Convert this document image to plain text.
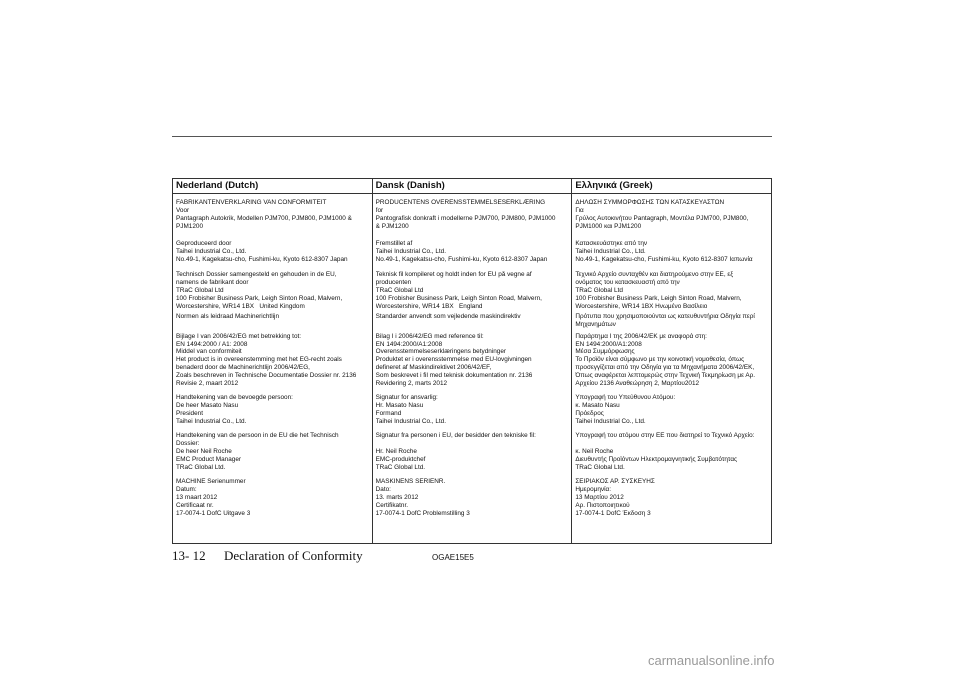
Nederland (Dutch)
FABRIKANTENVERKLARING VAN CONFORMITEIT
Voor
Pantagraph Autokrik, Modellen PJM700, PJM800, PJM1000 &
PJM1200
Geproduceerd door
Taihei Industrial Co., Ltd.
No.49-1, Kagekatsu-cho, Fushimi-ku, Kyoto 612-8307 Japan
Technisch Dossier samengesteld en gehouden in de EU,
namens de fabrikant door
TRaC Global Ltd
100 Frobisher Business Park, Leigh Sinton Road, Malvern,
Worcestershire, WR14 1BX   United Kingdom
Normen als leidraad Machinerichtlijn
Bijlage I van 2006/42/EG met betrekking tot:
EN 1494:2000 / A1: 2008
Middel van conformiteit
Het product is in overeenstemming met het EG-recht zoals
benaderd door de Machinerichtlijn 2006/42/EG,
Zoals beschreven in Technische Documentatie Dossier nr. 2136
Revisie 2, maart 2012
Handtekening van de bevoegde persoon:
De heer Masato Nasu
President
Taihei Industrial Co., Ltd.
Handtekening van de persoon in de EU die het Technisch
Dossier:
De heer Neil Roche
EMC Product Manager
TRaC Global Ltd.
MACHINE Serienummer
Datum:
13 maart 2012
Certificaat nr.
17-0074-1 DofC Uitgave 3
Dansk (Danish)
PRODUCENTENS OVERENSSTEMMELSESERKLÆRING
for
Pantografisk donkraft i modellerne PJM700, PJM800, PJM1000
& PJM1200
Fremstillet af
Taihei Industrial Co., Ltd.
No.49-1, Kagekatsu-cho, Fushimi-ku, Kyoto 612-8307 Japan
Teknisk fil kompileret og holdt inden for EU på vegne af
producenten
TRaC Global Ltd
100 Frobisher Business Park, Leigh Sinton Road, Malvern,
Worcestershire, WR14 1BX   England
Standarder anvendt som vejledende maskindirektiv
Bilag I i 2006/42/EG med reference til:
EN 1494:2000/A1:2008
Overensstemmelseserklæringens betydninger
Produktet er i overensstemmelse med EU-lovgivningen
defineret af Maskindirektivet 2006/42/EF,
Som beskrevet i fil med teknisk dokumentation nr. 2136
Revidering 2, marts 2012
Signatur for ansvarlig:
Hr. Masato Nasu
Formand
Taihei Industrial Co., Ltd.
Signatur fra personen i EU, der besidder den tekniske fil:

Hr. Neil Roche
EMC-produktchef
TRaC Global Ltd.
MASKINENS SERIENR.
Dato:
13. marts 2012
Certifikatnr.
17-0074-1 DofC Problemstilling 3
Ελληνικά (Greek)
ΔΗΛΩΣΗ ΣΥΜΜΟΡΦΩΣΗΣ ΤΩΝ ΚΑΤΑΣΚΕΥΑΣΤΩΝ
Για
Γρύλος Αυτοκινήτου Pantagraph, Μοντέλα PJM700, PJM800,
PJM1000 και PJM1200
Κατασκευάστηκε από την
Taihei Industrial Co., Ltd.
No.49-1, Kagekatsu-cho, Fushimi-ku, Kyoto 612-8307 Ιαπωνία
Τεχνικό Αρχείο συνταχθέν και διατηρούμενο στην ΕΕ, εξ
ονόματος του κατασκευαστή από την
TRaC Global Ltd
100 Frobisher Business Park, Leigh Sinton Road, Malvern,
Worcestershire, WR14 1BX Ηνωμένο Βασίλειο
Πρότυπα που χρησιμοποιούνται ως κατευθυντήρια Οδηγία περί
Μηχανημάτων
Παράρτημα I της 2006/42/ΕΚ με αναφορά στη:
EN 1494:2000/A1:2008
Μέσα Συμμόρφωσης
Το Προϊόν είναι σύμφωνο με την κοινοτική νομοθεσία, όπως
προσεγγίζεται από την Οδηγία για τα Μηχανήματα 2006/42/ΕΚ,
Όπως αναφέρεται λεπτομερώς στην Τεχνική Τεκμηρίωση με Αρ.
Αρχείου 2136 Αναθεώρηση 2, Μαρτίου2012
Υπογραφή του Υπεύθυνου Ατόμου:
κ. Masato Nasu
Πρόεδρος
Taihei Industrial Co., Ltd.
Υπογραφή του ατόμου στην ΕΕ που διατηρεί το Τεχνικό Αρχείο:

κ. Neil Roche
Διευθυντής Προϊόντων Ηλεκτρομαγνητικής Συμβατότητας
TRaC Global Ltd.
ΣΕΙΡΙΑΚΟΣ ΑΡ. ΣΥΣΚΕΥΗΣ
Ημερομηνία:
13 Μαρτίου 2012
Αρ. Πιστοποιητικού
17-0074-1 DofC Έκδοση 3
13- 12 Declaration of Conformity	OGAE15E5
carmanualsonline.info
